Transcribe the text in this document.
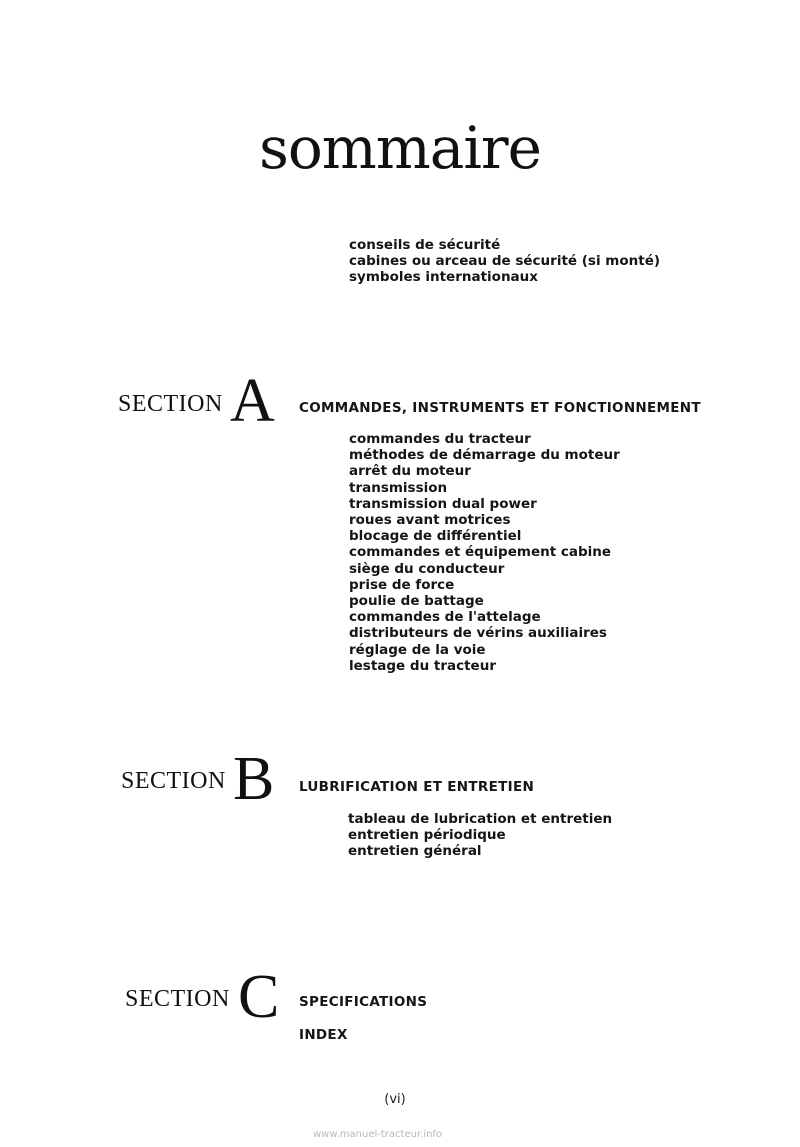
sommaire
conseils de sécurité
cabines ou arceau de sécurité (si monté)
symboles internationaux
SECTION A COMMANDES, INSTRUMENTS ET FONCTIONNEMENT
commandes du tracteur
méthodes de démarrage du moteur
arrêt du moteur
transmission
transmission dual power
roues avant motrices
blocage de différentiel
commandes et équipement cabine
siège du conducteur
prise de force
poulie de battage
commandes de l'attelage
distributeurs de vérins auxiliaires
réglage de la voie
lestage du tracteur
SECTION B LUBRIFICATION ET ENTRETIEN
tableau de lubrication et entretien
entretien périodique
entretien général
SECTION C SPECIFICATIONS
INDEX
(vi)
www.manuel-tracteur.info
